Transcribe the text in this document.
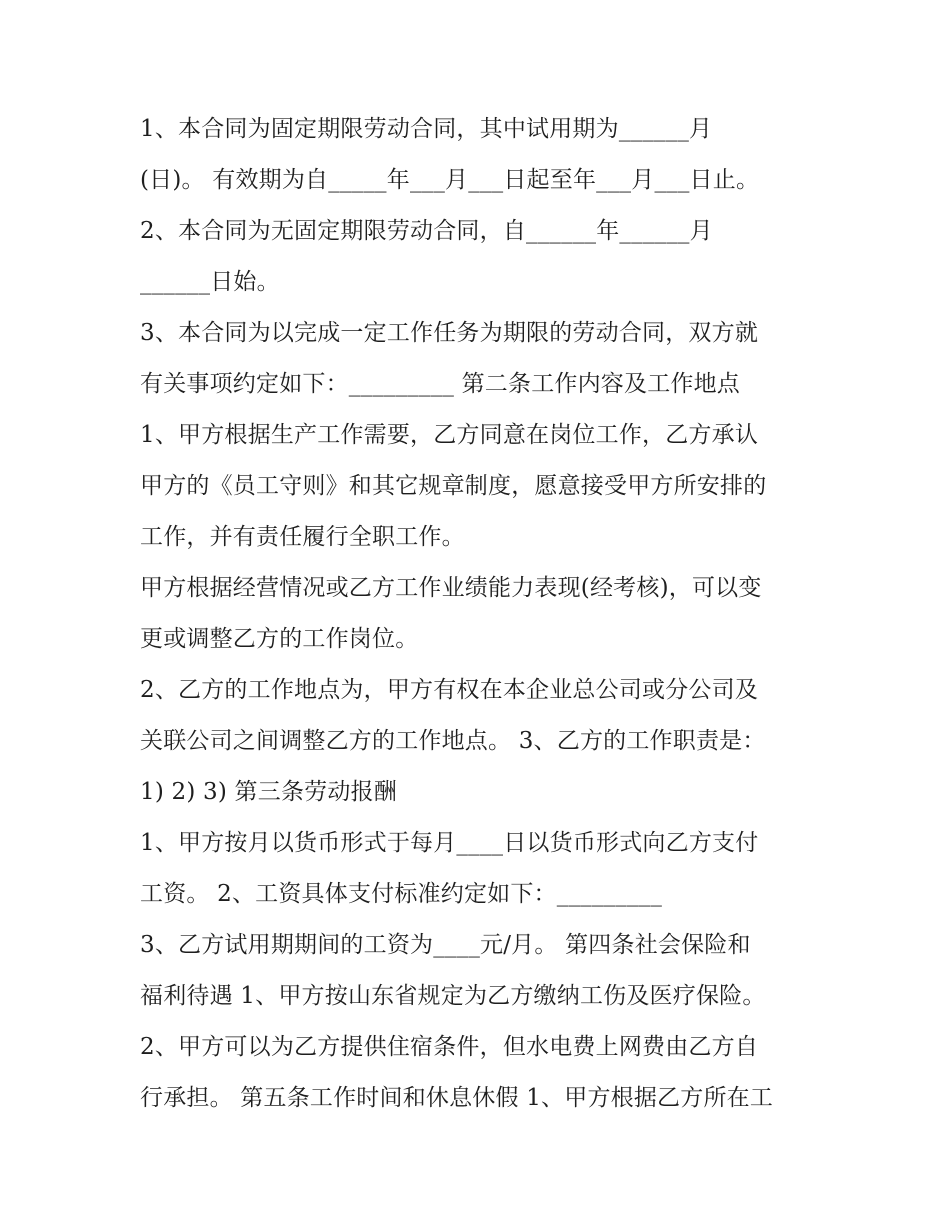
1、本合同为固定期限劳动合同，其中试用期为______月
(日)。 有效期为自_____年___月___日起至年___月___日止。
2、本合同为无固定期限劳动合同，自______年______月
______日始。
3、本合同为以完成一定工作任务为期限的劳动合同，双方就
有关事项约定如下：_________ 第二条工作内容及工作地点
1、甲方根据生产工作需要，乙方同意在岗位工作，乙方承认
甲方的《员工守则》和其它规章制度，愿意接受甲方所安排的
工作，并有责任履行全职工作。
甲方根据经营情况或乙方工作业绩能力表现(经考核)，可以变
更或调整乙方的工作岗位。
2、乙方的工作地点为，甲方有权在本企业总公司或分公司及
关联公司之间调整乙方的工作地点。 3、乙方的工作职责是：
1) 2) 3) 第三条劳动报酬
1、甲方按月以货币形式于每月____日以货币形式向乙方支付
工资。 2、工资具体支付标准约定如下：_________
3、乙方试用期期间的工资为____元/月。 第四条社会保险和
福利待遇 1、甲方按山东省规定为乙方缴纳工伤及医疗保险。
2、甲方可以为乙方提供住宿条件，但水电费上网费由乙方自
行承担。 第五条工作时间和休息休假 1、甲方根据乙方所在工
